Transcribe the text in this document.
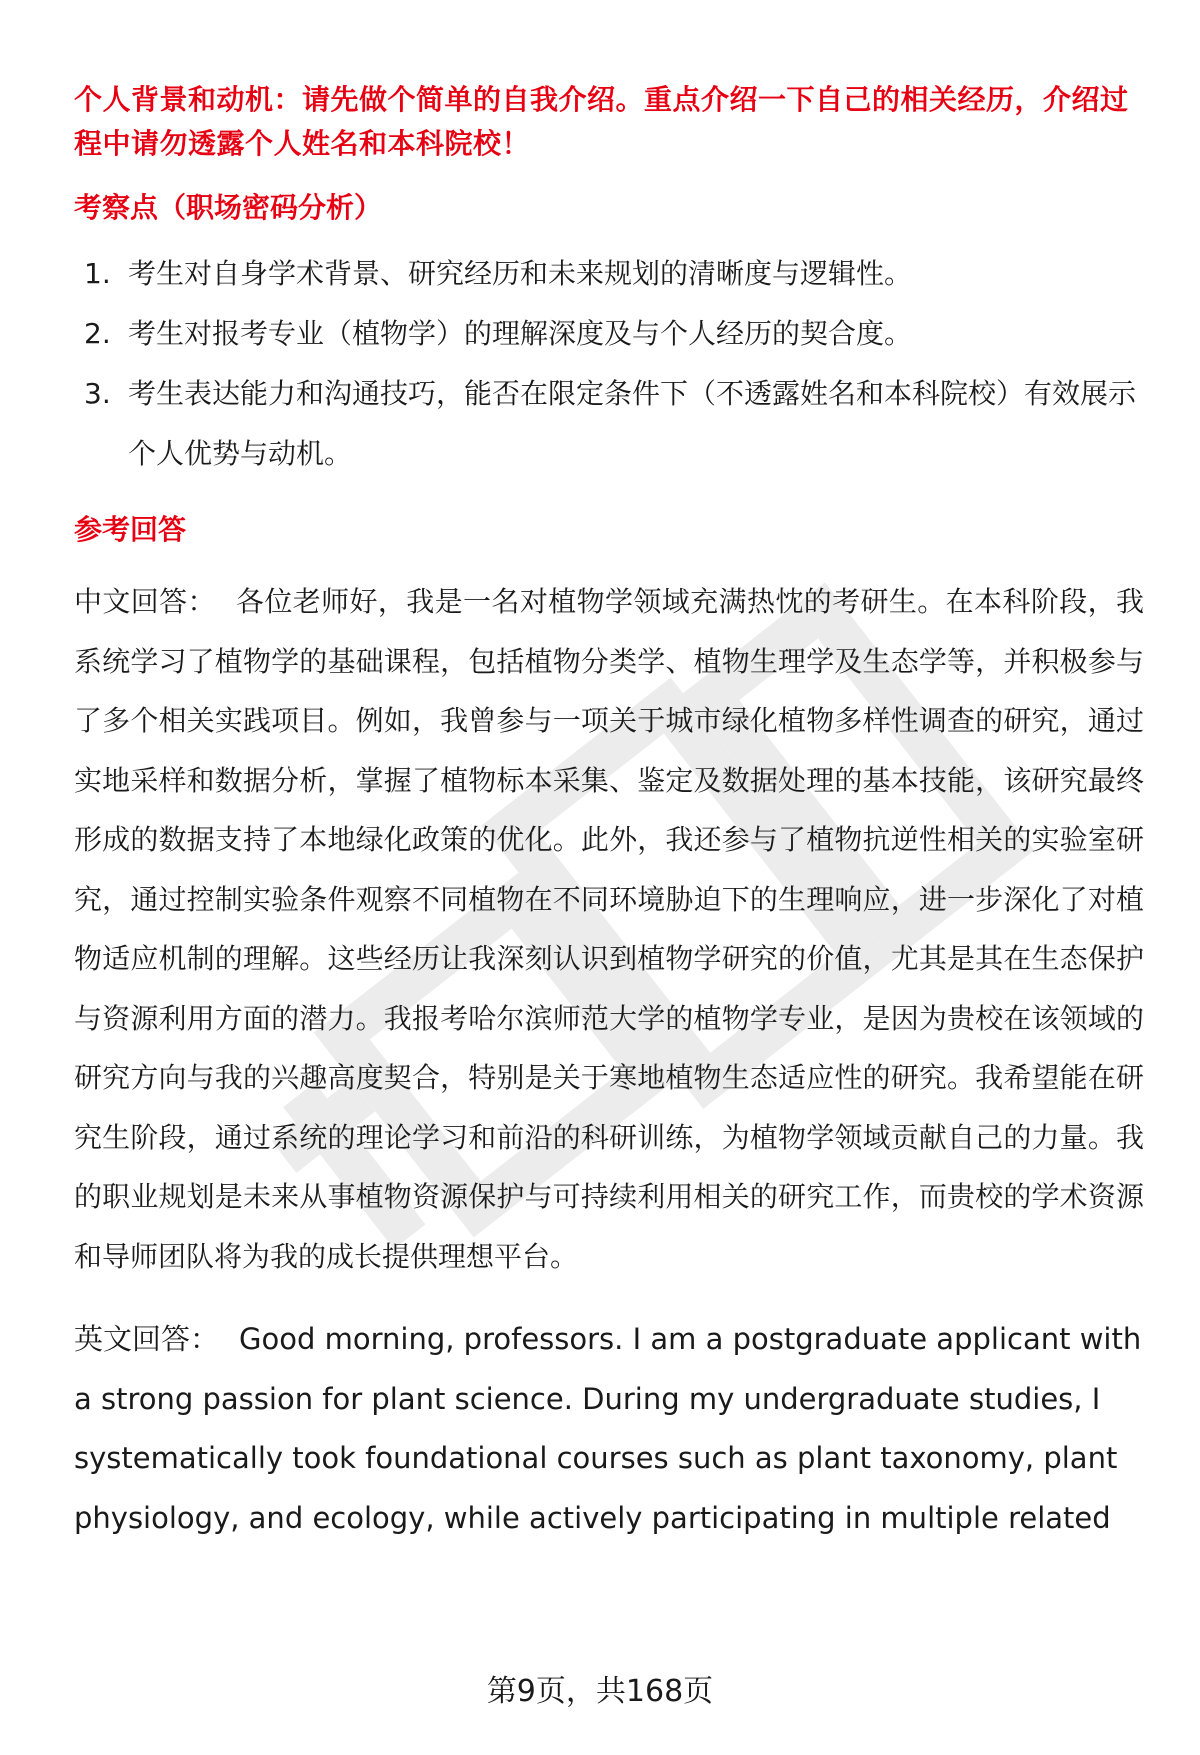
个人背景和动机：请先做个简单的自我介绍。重点介绍一下自己的相关经历，介绍过程中请勿透露个人姓名和本科院校！

考察点（职场密码分析）

1. 考生对自身学术背景、研究经历和未来规划的清晰度与逻辑性。
2. 考生对报考专业（植物学）的理解深度及与个人经历的契合度。
3. 考生表达能力和沟通技巧，能否在限定条件下（不透露姓名和本科院校）有效展示个人优势与动机。

参考回答

中文回答： 各位老师好，我是一名对植物学领域充满热忱的考研生。在本科阶段，我系统学习了植物学的基础课程，包括植物分类学、植物生理学及生态学等，并积极参与了多个相关实践项目。例如，我曾参与一项关于城市绿化植物多样性调查的研究，通过实地采样和数据分析，掌握了植物标本采集、鉴定及数据处理的基本技能，该研究最终形成的数据支持了本地绿化政策的优化。此外，我还参与了植物抗逆性相关的实验室研究，通过控制实验条件观察不同植物在不同环境胁迫下的生理响应，进一步深化了对植物适应机制的理解。这些经历让我深刻认识到植物学研究的价值，尤其是其在生态保护与资源利用方面的潜力。我报考哈尔滨师范大学的植物学专业，是因为贵校在该领域的研究方向与我的兴趣高度契合，特别是关于寒地植物生态适应性的研究。我希望能在研究生阶段，通过系统的理论学习和前沿的科研训练，为植物学领域贡献自己的力量。我的职业规划是未来从事植物资源保护与可持续利用相关的研究工作，而贵校的学术资源和导师团队将为我的成长提供理想平台。

英文回答： Good morning, professors. I am a postgraduate applicant with a strong passion for plant science. During my undergraduate studies, I systematically took foundational courses such as plant taxonomy, plant physiology, and ecology, while actively participating in multiple related

第9页，共168页
